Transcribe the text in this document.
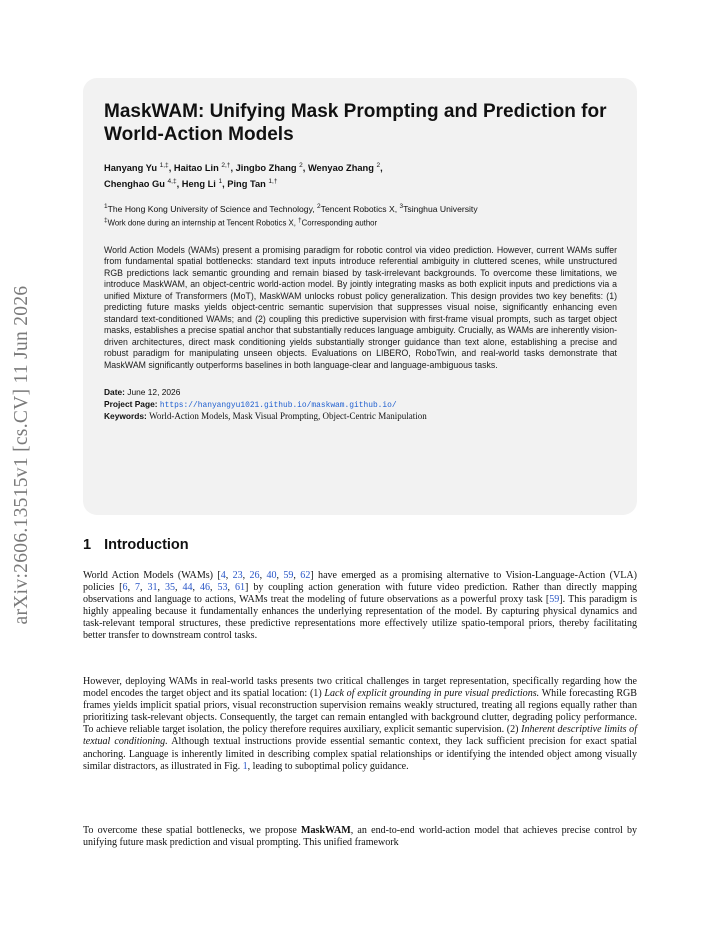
arXiv:2606.13515v1 [cs.CV] 11 Jun 2026
MaskWAM: Unifying Mask Prompting and Prediction for World-Action Models
Hanyang Yu $^{1,\ddagger}$, Haitao Lin $^{2,\dagger}$, Jingbo Zhang $^2$, Wenyao Zhang $^2$,
Chenghao Gu $^{4,\ddagger}$, Heng Li $^1$, Ping Tan $^{1,\dagger}$
$^1$The Hong Kong University of Science and Technology, $^2$Tencent Robotics X, $^3$Tsinghua University
‡Work done during an internship at Tencent Robotics X, †Corresponding author
World Action Models (WAMs) present a promising paradigm for robotic control via video prediction. However, current WAMs suffer from fundamental spatial bottlenecks: standard text inputs introduce referential ambiguity in cluttered scenes, while unstructured RGB predictions lack semantic grounding and remain biased by task-irrelevant backgrounds. To overcome these limitations, we introduce MaskWAM, an object-centric world-action model. By jointly integrating masks as both explicit inputs and predictions via a unified Mixture of Transformers (MoT), MaskWAM unlocks robust policy generalization. This design provides two key benefits: (1) predicting future masks yields object-centric semantic supervision that suppresses visual noise, significantly enhancing even standard text-conditioned WAMs; and (2) coupling this predictive supervision with first-frame visual prompts, such as target object masks, establishes a precise spatial anchor that substantially reduces language ambiguity. Crucially, as WAMs are inherently vision-driven architectures, direct mask conditioning yields substantially stronger guidance than text alone, establishing a precise and robust paradigm for manipulating unseen objects. Evaluations on LIBERO, RoboTwin, and real-world tasks demonstrate that MaskWAM significantly outperforms baselines in both language-clear and language-ambiguous tasks.
Date: June 12, 2026
Project Page: https://hanyangyu1021.github.io/maskwam.github.io/
Keywords: World-Action Models, Mask Visual Prompting, Object-Centric Manipulation
1 Introduction

World Action Models (WAMs) [4, 23, 26, 40, 59, 62] have emerged as a promising alternative to Vision-Language-Action (VLA) policies [6, 7, 31, 35, 44, 46, 53, 61] by coupling action generation with future video prediction. Rather than directly mapping observations and language to actions, WAMs treat the modeling of future observations as a powerful proxy task [59]. This paradigm is highly appealing because it fundamentally enhances the underlying representation of the model. By capturing physical dynamics and task-relevant temporal structures, these predictive representations more effectively utilize spatio-temporal priors, thereby facilitating better transfer to downstream control tasks.

However, deploying WAMs in real-world tasks presents two critical challenges in target representation, specifically regarding how the model encodes the target object and its spatial location: (1) Lack of explicit grounding in pure visual predictions. While forecasting RGB frames yields implicit spatial priors, visual reconstruction supervision remains weakly structured, treating all regions equally rather than prioritizing task-relevant objects. Consequently, the target can remain entangled with background clutter, degrading policy performance. To achieve reliable target isolation, the policy therefore requires auxiliary, explicit semantic supervision. (2) Inherent descriptive limits of textual conditioning. Although textual instructions provide essential semantic context, they lack sufficient precision for exact spatial anchoring. Language is inherently limited in describing complex spatial relationships or identifying the intended object among visually similar distractors, as illustrated in Fig. 1, leading to suboptimal policy guidance.

To overcome these spatial bottlenecks, we propose MaskWAM, an end-to-end world-action model that achieves precise control by unifying future mask prediction and visual prompting. This unified framework
